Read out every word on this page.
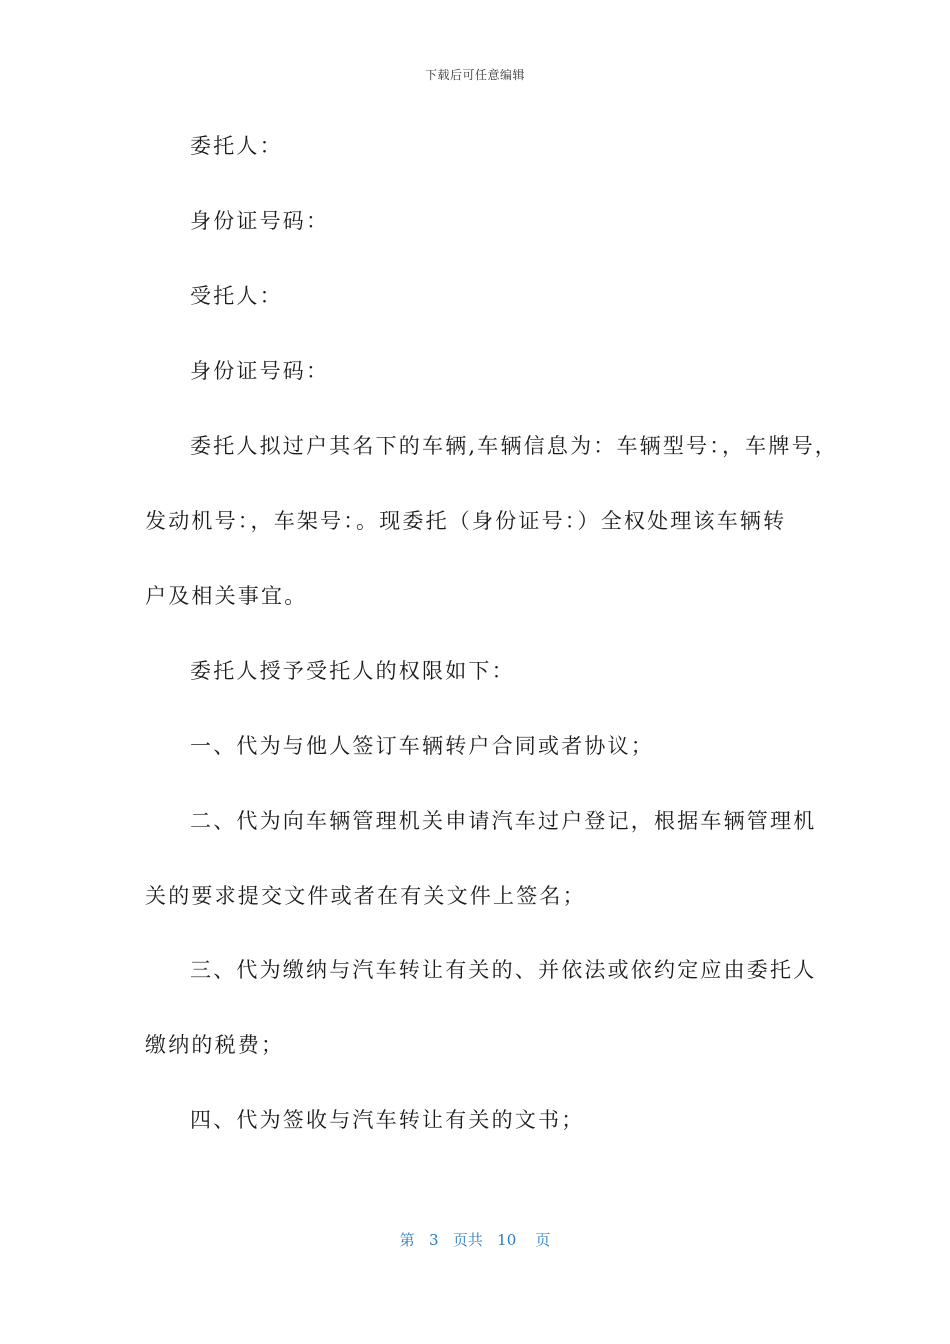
下载后可任意编辑
委托人：
身份证号码：
受托人：
身份证号码：
委托人拟过户其名下的车辆,车辆信息为：车辆型号：，车牌号，
发动机号：，车架号：。现委托（身份证号：）全权处理该车辆转
户及相关事宜。
委托人授予受托人的权限如下：
一、代为与他人签订车辆转户合同或者协议；
二、代为向车辆管理机关申请汽车过户登记，根据车辆管理机
关的要求提交文件或者在有关文件上签名；
三、代为缴纳与汽车转让有关的、并依法或依约定应由委托人
缴纳的税费；
四、代为签收与汽车转让有关的文书；
第 3 页共 10 页
